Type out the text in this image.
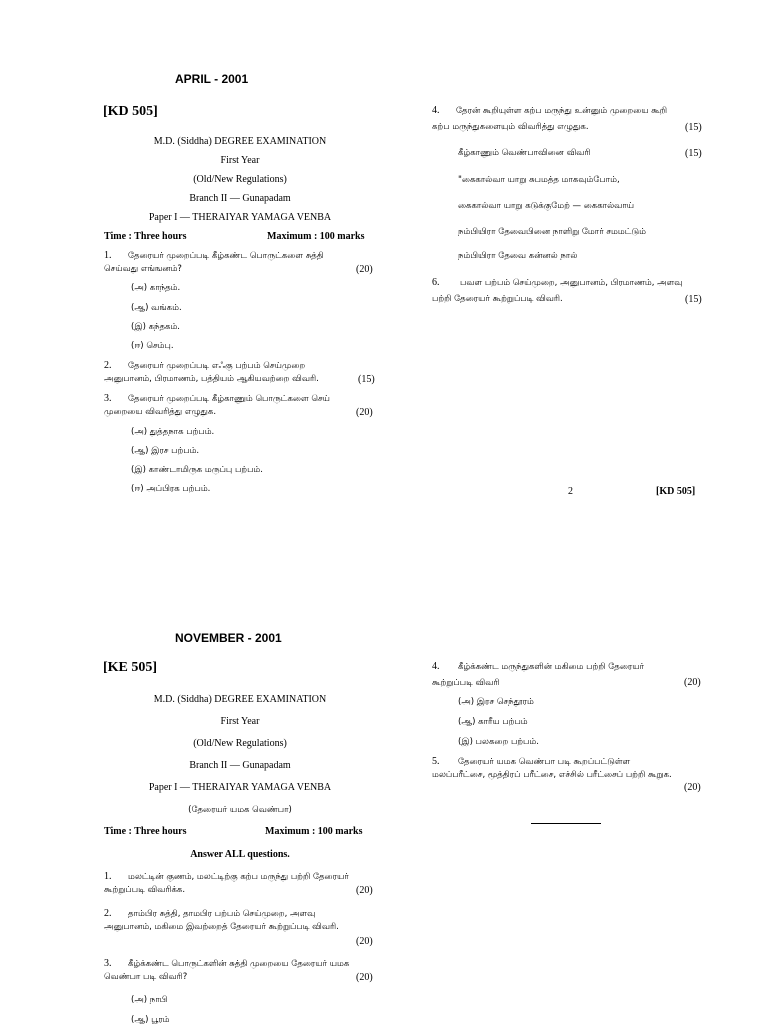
APRIL - 2001
[KD 505]
M.D. (Siddha) DEGREE EXAMINATION
First Year
(Old/New Regulations)
Branch II — Gunapadam
Paper I — THERAIYAR YAMAGA VENBA
Time : Three hours	Maximum : 100 marks
1. தேரையர் முறைப்படி கீழ்கண்ட பொருட்களை சுத்தி
செய்வது எங்ஙனம்?	(20)
(அ) காந்தம்.
(ஆ) வங்கம்.
(இ) கந்தகம்.
(ஈ) செம்பு.
2. தேரையர் முறைப்படி எஃகு பற்பம் செய்முறை
அனுபானம், பிரமாணம், பத்தியம் ஆகியவற்றை விவரி.	(15)
3. தேரையர் முறைப்படி கீழ்காணும் பொருட்களை செய்
முறையை விவரித்து எழுதுக.	(20)
(அ) துத்தநாக பற்பம்.
(ஆ) இரச பற்பம்.
(இ) காண்டாமிருக மருப்பு பற்பம்.
(ஈ) அப்பிரக பற்பம்.
4. தேரன் கூறியுள்ள கற்ப மருந்து உன்னும் முறையை கூறி
கற்ப மருந்துகளையும் விவரித்து எழுதுக.	(15)
கீழ்காணும் வெண்பாவினை விவரி	(15)
"கைகால்வா யாறு சுபமத்த மாகவும்போம்,
கைகால்வா யாறு கடுக்குமேற் — கைகால்வாய்
நம்பியிரா தேவைபினை நாளிறு மோர் சமமட்டும்
நம்பியிரா தேவை கன்னல் நால்
6. பவள பற்பம் செய்முறை, அனுபானம், பிரமாணம், அளவு
பற்றி தேரையர் கூற்றுப்படி விவரி.	(15)
2	[KD 505]
NOVEMBER - 2001
[KE 505]
M.D. (Siddha) DEGREE EXAMINATION
First Year
(Old/New Regulations)
Branch II — Gunapadam
Paper I — THERAIYAR YAMAGA VENBA
(தேரையர் யமக வெண்பா)
Time : Three hours	Maximum : 100 marks
Answer ALL questions.
1. மலட்டின் குணம், மலட்டிற்கு கற்ப மருந்து பற்றி தேரையர்
கூற்றுப்படி விவரிக்க.	(20)
2. தாம்பிர சுத்தி, தாமபிர பற்பம் செய்முறை, அளவு
அனுபானம், மகிமை இவற்றைத் தேரையர் கூற்றுப்படி விவரி.
(20)
3. கீழ்க்கண்ட பொருட்களின் சுத்தி முறையை தேரையர் யமக
வெண்பா படி விவரி?	(20)
(அ) நாபி
(ஆ) பூரம்
4. கீழ்க்கண்ட மருந்துகளின் மகிமை பற்றி தேரையர்
கூற்றுப்படி விவரி	(20)
(அ) இரச செந்தூரம்
(ஆ) காரீய பற்பம்
(இ) பலகறை பற்பம்.
5. தேரையர் யமக வெண்பா படி கூறப்பட்டுள்ள
மலப்பரீட்சை, மூத்திரப் பரீட்சை, எச்சில் பரீட்சைப் பற்றி கூறுக.
(20)
